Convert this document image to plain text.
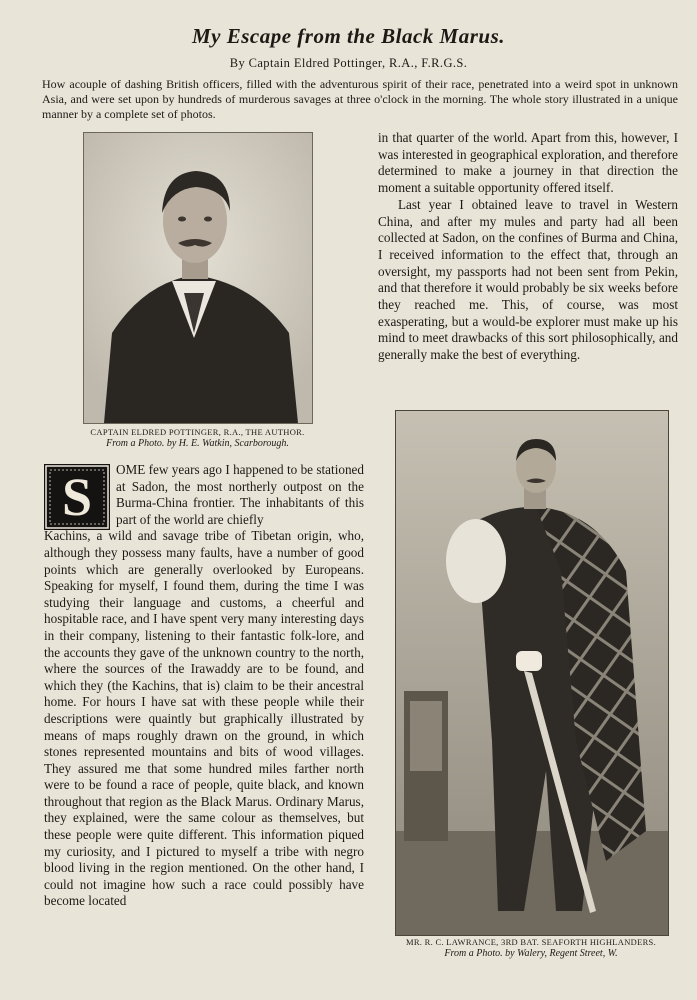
My Escape from the Black Marus.
By Captain Eldred Pottinger, R.A., F.R.G.S.
How acouple of dashing British officers, filled with the adventurous spirit of their race, penetrated into a weird spot in unknown Asia, and were set upon by hundreds of murderous savages at three o'clock in the morning. The whole story illustrated in a unique manner by a complete set of photos.
CAPTAIN ELDRED POTTINGER, R.A., THE AUTHOR.
From a Photo. by H. E. Watkin, Scarborough.

in that quarter of the world. Apart from this, however, I was interested in geographical exploration, and therefore determined to make a journey in that direction the moment a suitable opportunity offered itself.

Last year I obtained leave to travel in Western China, and after my mules and party had all been collected at Sadon, on the confines of Burma and China, I received information to the effect that, through an oversight, my passports had not been sent from Pekin, and that therefore it would probably be six weeks before they reached me. This, of course, was most exasperating, but a would-be explorer must make up his mind to meet drawbacks of this sort philosophically, and generally make the best of everything.

MR. R. C. LAWRANCE, 3RD BAT. SEAFORTH HIGHLANDERS.
From a Photo. by Walery, Regent Street, W.
S	OME few years ago I happened to be stationed at Sadon, the most northerly outpost on the Burma-China frontier. The inhabitants of this part of the world are chiefly

Kachins, a wild and savage tribe of Tibetan origin, who, although they possess many faults, have a number of good points which are generally overlooked by Europeans. Speaking for myself, I found them, during the time I was studying their language and customs, a cheerful and hospitable race, and I have spent very many interesting days in their company, listening to their fantastic folk-lore, and the accounts they gave of the unknown country to the north, where the sources of the Irawaddy are to be found, and which they (the Kachins, that is) claim to be their ancestral home. For hours I have sat with these people while their descriptions were quaintly but graphically illustrated by means of maps roughly drawn on the ground, in which stones represented mountains and bits of wood villages. They assured me that some hundred miles farther north were to be found a race of people, quite black, and known throughout that region as the Black Marus. Ordinary Marus, they explained, were the same colour as themselves, but these people were quite different. This information piqued my curiosity, and I pictured to myself a tribe with negro blood living in the region mentioned. On the other hand, I could not imagine how such a race could possibly have become located
